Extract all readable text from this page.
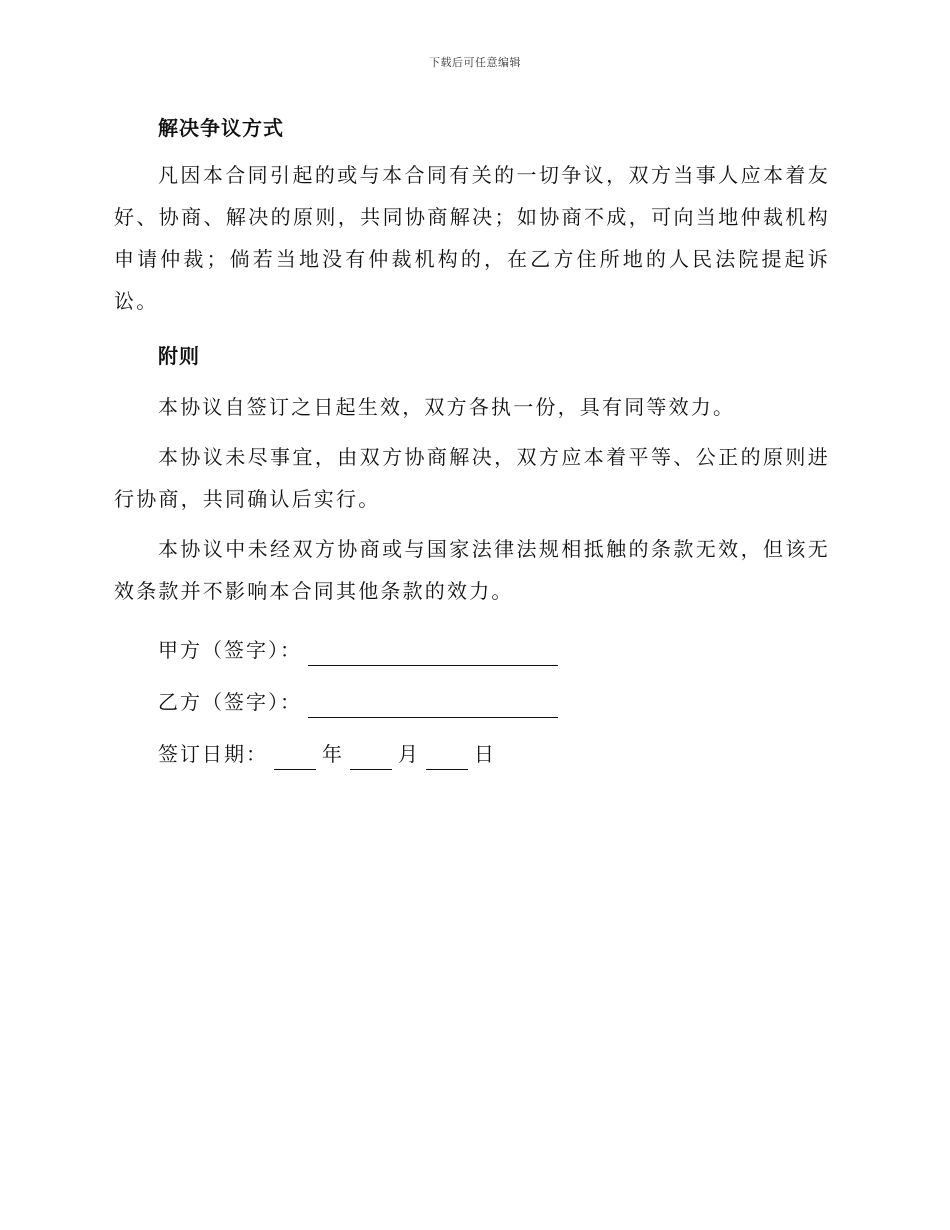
下载后可任意编辑

解决争议方式

凡因本合同引起的或与本合同有关的一切争议，双方当事人应本着友好、协商、解决的原则，共同协商解决；如协商不成，可向当地仲裁机构申请仲裁；倘若当地没有仲裁机构的，在乙方住所地的人民法院提起诉讼。

附则

本协议自签订之日起生效，双方各执一份，具有同等效力。

本协议未尽事宜，由双方协商解决，双方应本着平等、公正的原则进行协商，共同确认后实行。

本协议中未经双方协商或与国家法律法规相抵触的条款无效，但该无效条款并不影响本合同其他条款的效力。

甲方（签字）：
乙方（签字）：
签订日期：	年	月	日
